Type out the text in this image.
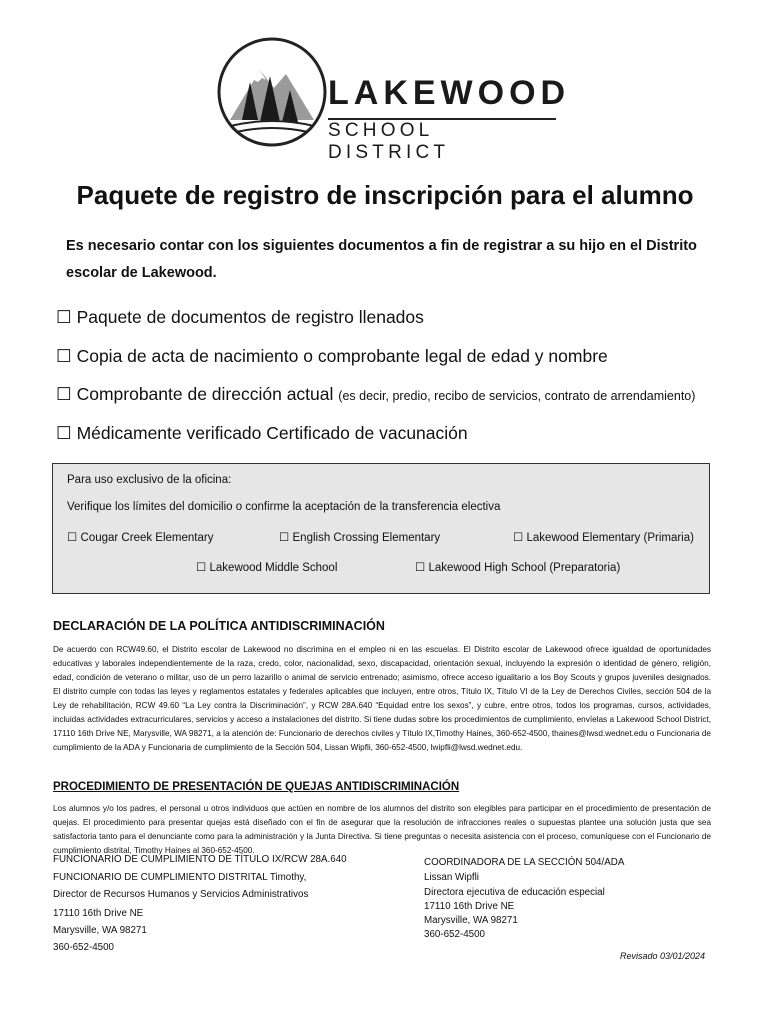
LAKEWOOD
SCHOOL DISTRICT
Paquete de registro de inscripción para el alumno
Es necesario contar con los siguientes documentos a fin de registrar a su hijo en el Distrito escolar de Lakewood.
☐ Paquete de documentos de registro llenados
☐ Copia de acta de nacimiento o comprobante legal de edad y nombre
☐ Comprobante de dirección actual (es decir, predio, recibo de servicios, contrato de arrendamiento)
☐ Médicamente verificado Certificado de vacunación
Para uso exclusivo de la oficina:
Verifique los límites del domicilio o confirme la aceptación de la transferencia electiva
☐ Cougar Creek Elementary	☐ English Crossing Elementary	☐ Lakewood Elementary (Primaria)
☐ Lakewood Middle School	☐ Lakewood High School (Preparatoria)
DECLARACIÓN DE LA POLÍTICA ANTIDISCRIMINACIÓN
De acuerdo con RCW49.60, el Distrito escolar de Lakewood no discrimina en el empleo ni en las escuelas. El Distrito escolar de Lakewood ofrece igualdad de oportunidades educativas y laborales independientemente de la raza, credo, color, nacionalidad, sexo, discapacidad, orientación sexual, incluyendo la expresión o identidad de género, religión, edad, condición de veterano o militar, uso de un perro lazarillo o animal de servicio entrenado; asimismo, ofrece acceso igualitario a los Boy Scouts y grupos juveniles designados. El distrito cumple con todas las leyes y reglamentos estatales y federales aplicables que incluyen, entre otros, Título IX, Título VI de la Ley de Derechos Civiles, sección 504 de la Ley de rehabilitación, RCW 49.60 “La Ley contra la Discriminación”, y RCW 28A.640 “Equidad entre los sexos”, y cubre, entre otros, todos los programas, cursos, actividades, incluidas actividades extracurriculares, servicios y acceso a instalaciones del distrito. Si tiene dudas sobre los procedimientos de cumplimiento, envíelas a Lakewood School District, 17110 16th Drive NE, Marysville, WA 98271, a la atención de: Funcionario de derechos civiles y Título IX,Timothy Haines, 360-652-4500, thaines@lwsd.wednet.edu o Funcionaria de cumplimiento de la ADA y Funcionaria de cumplimiento de la Sección 504, Lissan Wipfli, 360-652-4500, lwipfli@lwsd.wednet.edu.
PROCEDIMIENTO DE PRESENTACIÓN DE QUEJAS ANTIDISCRIMINACIÓN
Los alumnos y/o los padres, el personal u otros individuos que actúen en nombre de los alumnos del distrito son elegibles para participar en el procedimiento de presentación de quejas. El procedimiento para presentar quejas está diseñado con el fin de asegurar que la resolución de infracciones reales o supuestas plantee una solución justa que sea satisfactoria tanto para el denunciante como para la administración y la Junta Directiva. Si tiene preguntas o necesita asistencia con el proceso, comuníquese con el Funcionario de cumplimiento distrital, Timothy Haines al 360-652-4500.
FUNCIONARIO DE CUMPLIMIENTO DE TÍTULO IX/RCW 28A.640
FUNCIONARIO DE CUMPLIMIENTO DISTRITAL Timothy,
Director de Recursos Humanos y Servicios Administrativos
17110 16th Drive NE
Marysville, WA 98271
360-652-4500
COORDINADORA DE LA SECCIÓN 504/ADA
Lissan Wipfli
Directora ejecutiva de educación especial
17110 16th Drive NE
Marysville, WA 98271
360-652-4500
Revisado 03/01/2024
